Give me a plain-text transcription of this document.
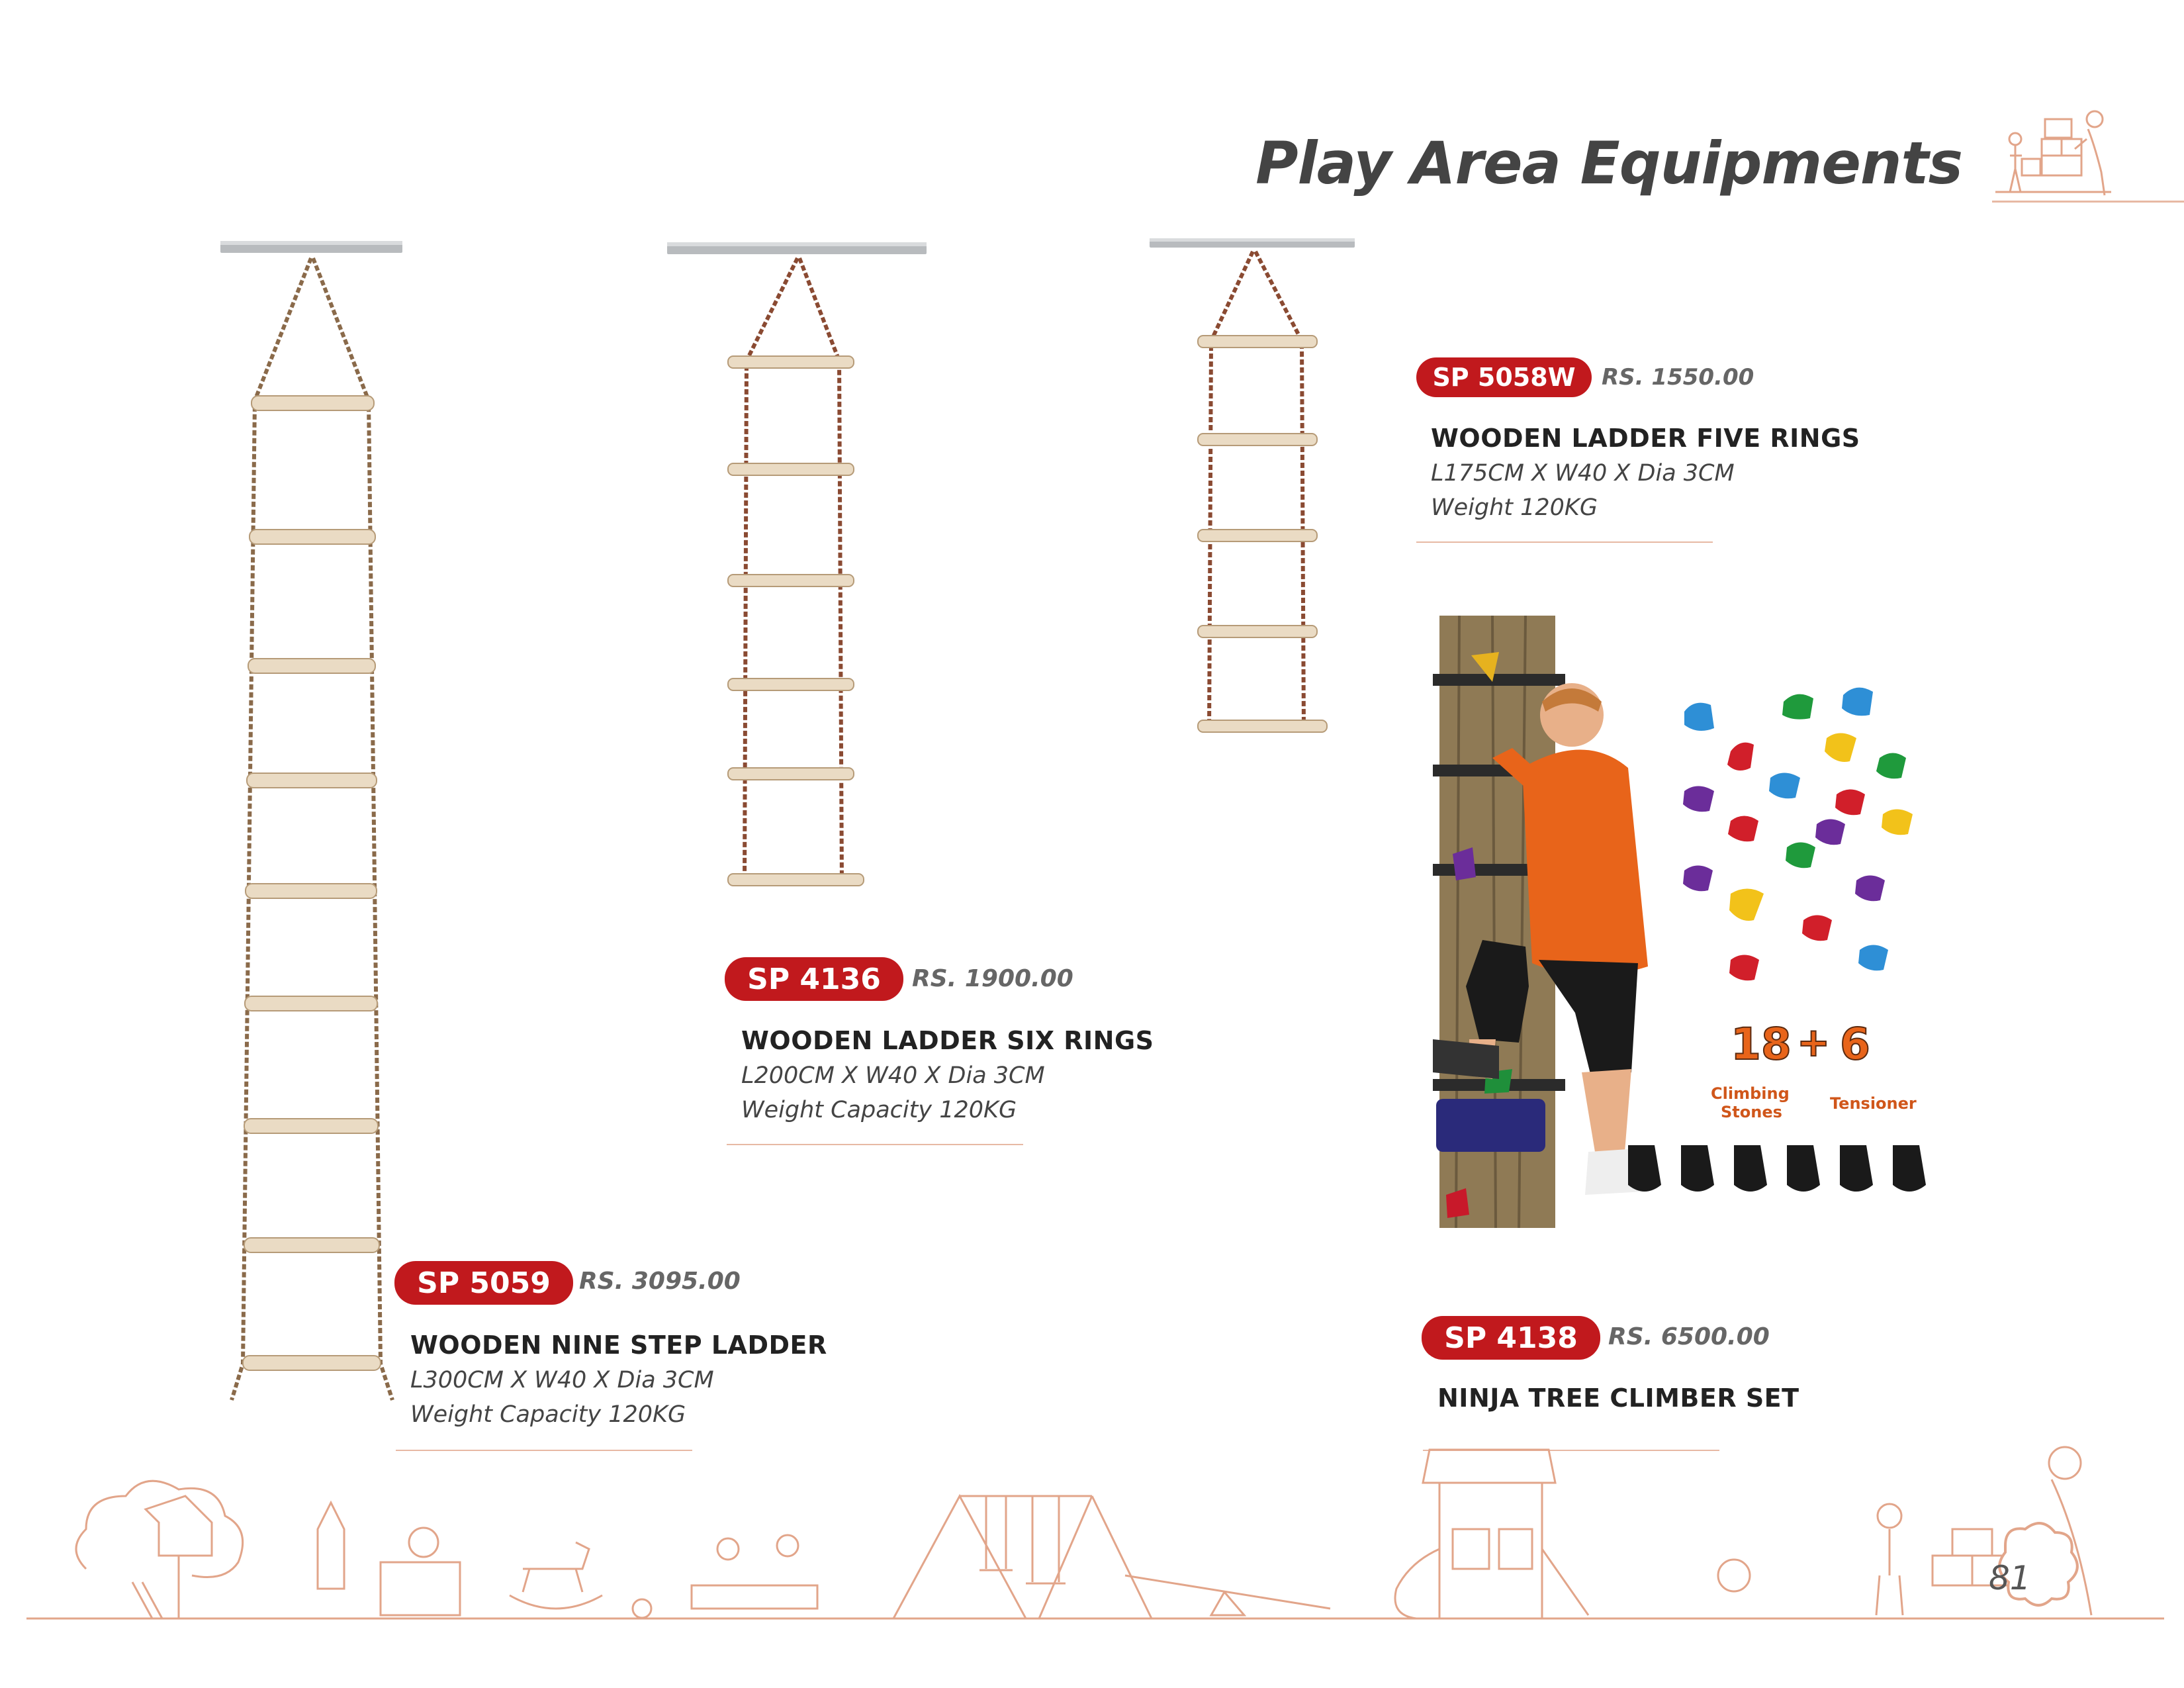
Play Area Equipments
SP 5059	RS. 3095.00
WOODEN NINE STEP LADDER
L300CM X W40 X Dia 3CM
Weight Capacity 120KG
SP 4136	RS. 1900.00
WOODEN LADDER SIX RINGS
L200CM X W40 X Dia 3CM
Weight Capacity 120KG
SP 5058W	RS. 1550.00
WOODEN LADDER FIVE RINGS
L175CM X W40 X Dia 3CM
Weight 120KG
18 + 6
Climbing
Stones	Tensioner
SP 4138	RS. 6500.00
NINJA TREE CLIMBER SET
81
